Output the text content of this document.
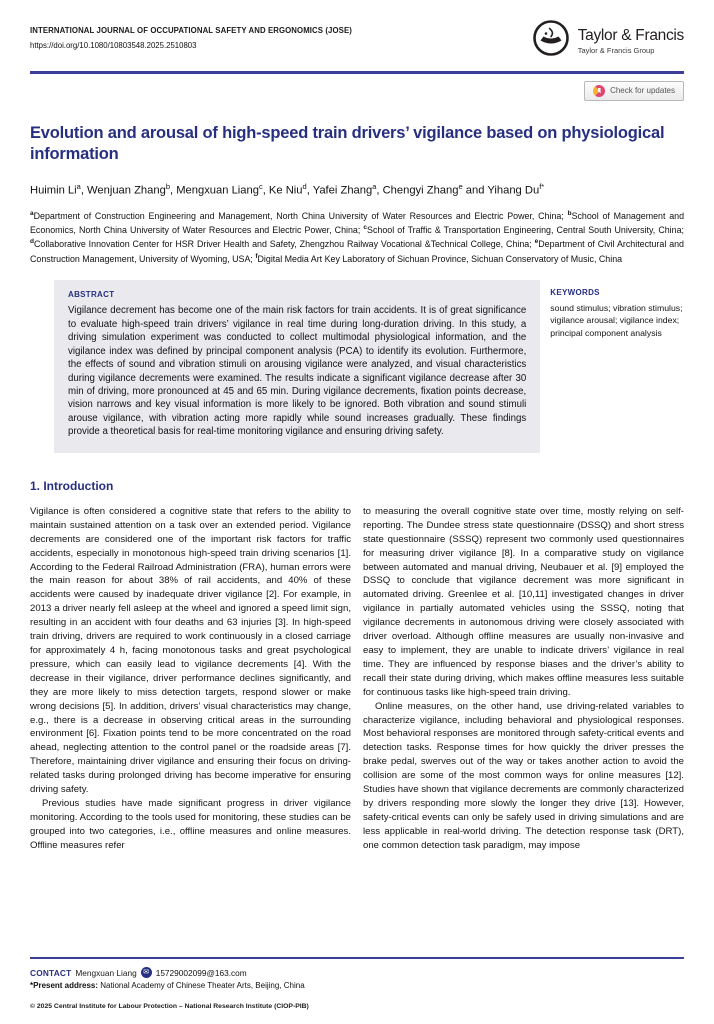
INTERNATIONAL JOURNAL OF OCCUPATIONAL SAFETY AND ERGONOMICS (JOSE)
https://doi.org/10.1080/10803548.2025.2510803
Taylor & Francis
Taylor & Francis Group
Check for updates
Evolution and arousal of high-speed train drivers’ vigilance based on physiological information
Huimin Li$^a$, Wenjuan Zhang$^b$, Mengxuan Liang$^c$, Ke Niu$^d$, Yafei Zhang$^a$, Chengyi Zhang$^e$ and Yihang $Du^{f*}$
$^a$Department of Construction Engineering and Management, North China University of Water Resources and Electric Power, China; $^b$School of Management and Economics, North China University of Water Resources and Electric Power, China; $^c$School of Traffic & Transportation Engineering, Central South University, China; $^d$Collaborative Innovation Center for HSR Driver Health and Safety, Zhengzhou Railway Vocational &Technical College, China; $^e$Department of Civil Architectural and Construction Management, University of Wyoming, USA; $^f$Digital Media Art Key Laboratory of Sichuan Province, Sichuan Conservatory of Music, China
ABSTRACT
Vigilance decrement has become one of the main risk factors for train accidents. It is of great significance to evaluate high-speed train drivers’ vigilance in real time during long-duration driving. In this study, a driving simulation experiment was conducted to collect multimodal physiological information, and the vigilance index was defined by principal component analysis (PCA) to identify its evolution. Furthermore, the effects of sound and vibration stimuli on arousing vigilance were analyzed, and visual characteristics during vigilance decrements were examined. The results indicate a significant vigilance decrease after 30 min of driving, more pronounced at 45 and 65 min. During vigilance decrements, fixation points decrease, vision narrows and key visual information is more likely to be ignored. Both vibration and sound stimuli arouse vigilance, with vibration acting more rapidly while sound increases gradually. These findings provide a theoretical basis for real-time monitoring vigilance and ensuring driving safety.
KEYWORDS
sound stimulus; vibration stimulus; vigilance arousal; vigilance index; principal component analysis
1. Introduction

Vigilance is often considered a cognitive state that refers to the ability to maintain sustained attention on a task over an extended period. Vigilance decrements are considered one of the important risk factors for traffic accidents, especially in monotonous high-speed train driving scenarios [1]. According to the Federal Railroad Administration (FRA), human errors were the main reason for about 38% of rail accidents, and 40% of these accidents were caused by inadequate driver vigilance [2]. For example, in 2013 a driver nearly fell asleep at the wheel and ignored a speed limit sign, resulting in an accident with four deaths and 63 injuries [3]. In high-speed train driving, drivers are required to work continuously in a closed carriage for approximately 4 h, facing monotonous tasks and great psychological pressure, which can easily lead to vigilance decrements [4]. With the decrease in their vigilance, driver performance declines significantly, and they are more likely to miss detection targets, respond slower or make wrong decisions [5]. In addition, drivers’ visual characteristics may change, e.g., there is a decrease in observing critical areas in the surrounding environment [6]. Fixation points tend to be more concentrated on the road ahead, neglecting attention to the control panel or the roadside areas [7]. Therefore, maintaining driver vigilance and ensuring their focus on driving-related tasks during prolonged driving has become imperative for ensuring driving safety.

Previous studies have made significant progress in driver vigilance monitoring. According to the tools used for monitoring, these studies can be grouped into two categories, i.e., offline measures and online measures. Offline measures refer

to measuring the overall cognitive state over time, mostly relying on self-reporting. The Dundee stress state questionnaire (DSSQ) and short stress state questionnaire (SSSQ) represent two commonly used questionnaires for measuring driver vigilance [8]. In a comparative study on vigilance between automated and manual driving, Neubauer et al. [9] employed the DSSQ to conclude that vigilance decrement was more significant in automated driving. Greenlee et al. [10,11] investigated changes in driver vigilance in partially automated vehicles using the SSSQ, noting that vigilance decrements in autonomous driving were closely associated with driver overload. Although offline measures are usually non-invasive and easy to implement, they are unable to indicate drivers’ vigilance in real time. They are influenced by response biases and the driver’s ability to recall their state during driving, which makes offline measures less suitable for continuous tasks like high-speed train driving.

Online measures, on the other hand, use driving-related variables to characterize vigilance, including behavioral and physiological responses. Most behavioral responses are monitored through safety-critical events and detection tasks. Response times for how quickly the driver presses the brake pedal, swerves out of the way or takes another action to avoid the collision are some of the most common ways for online measures [12]. Studies have shown that vigilance decrements are commonly characterized by drivers responding more slowly the longer they drive [13]. However, safety-critical events can only be safely used in driving simulations and are less applicable in real-world driving. The detection response task (DRT), one common detection task paradigm, may impose

CONTACT Mengxuan Liang ✉ 15729002099@163.com
*Present address: National Academy of Chinese Theater Arts, Beijing, China
© 2025 Central Institute for Labour Protection – National Research Institute (CIOP-PIB)
